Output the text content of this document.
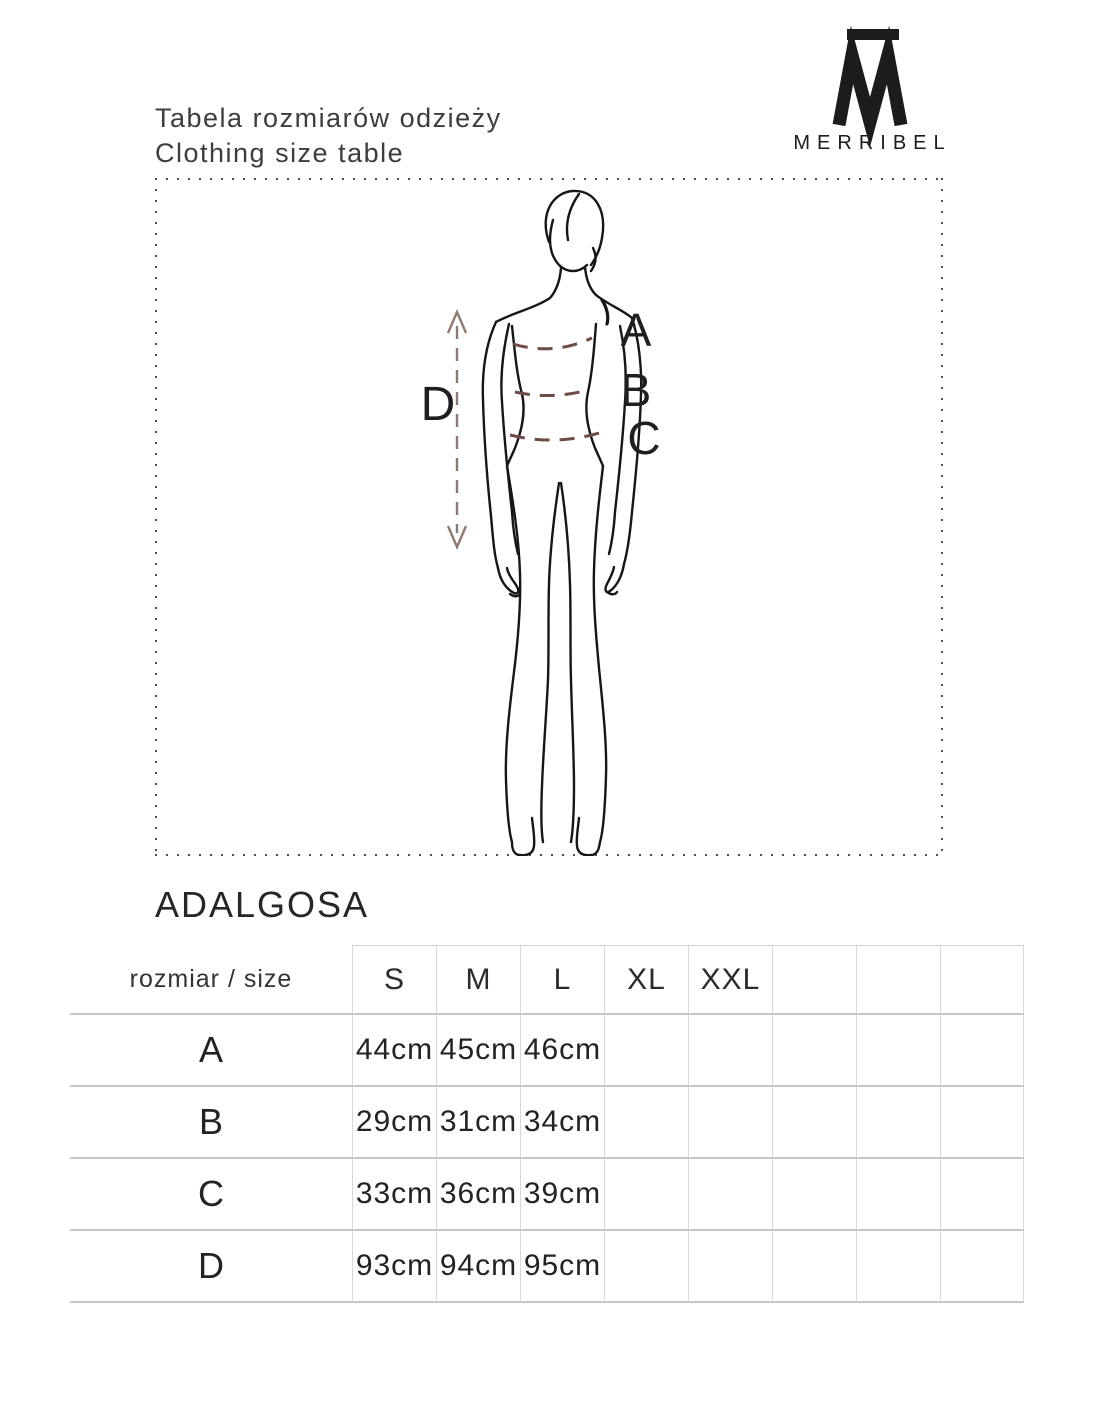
Tabela rozmiarów odzieży
Clothing size table	MERRIBEL
A
B
C
D
ADALGOSA
rozmiar / size	S	M	L	XL	XXL
A	44cm 45cm 46cm
B	29cm 31cm 34cm
C	33cm 36cm 39cm
D	93cm 94cm 95cm
